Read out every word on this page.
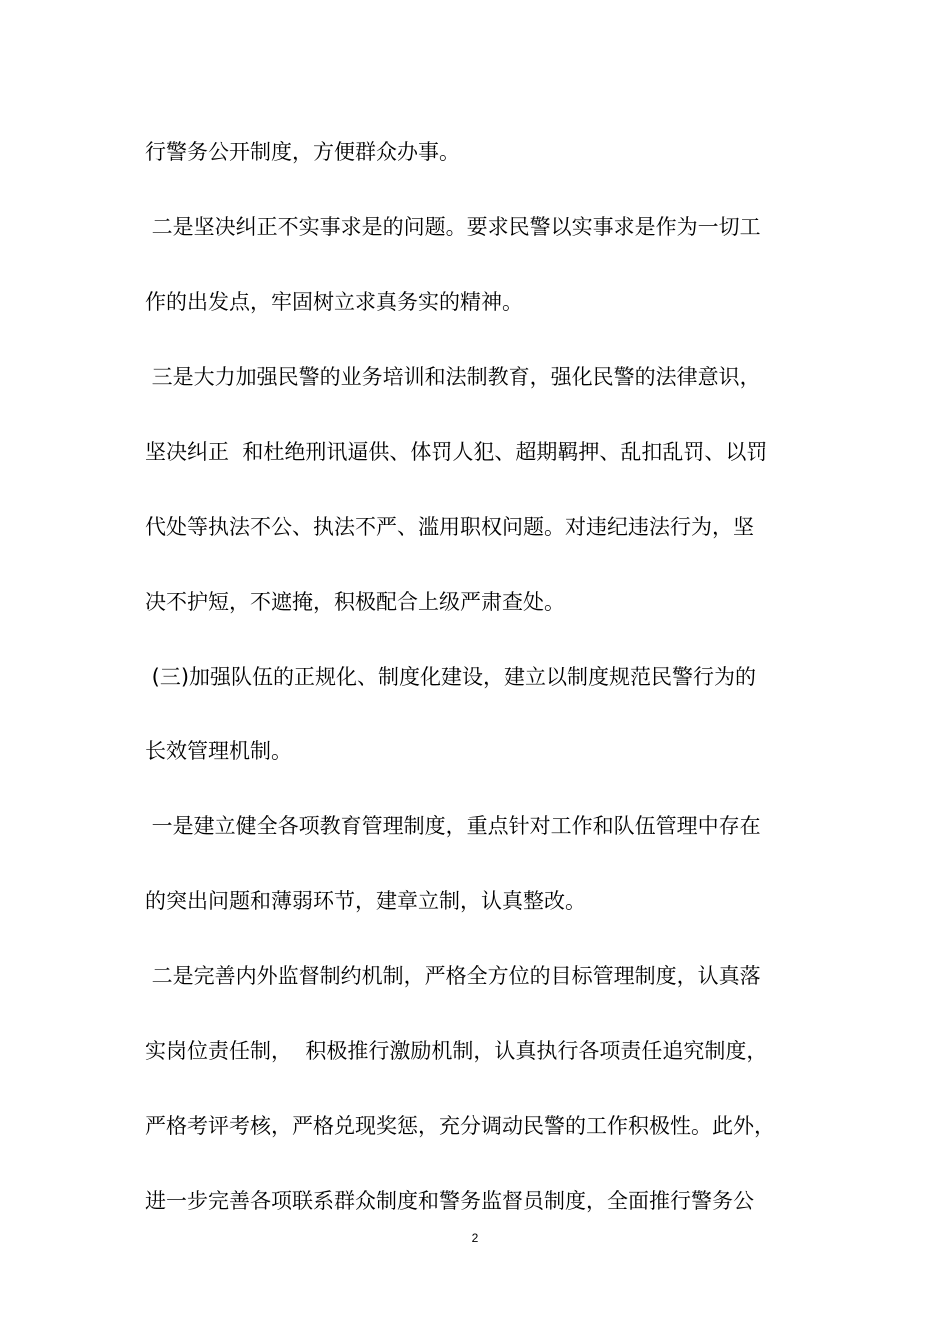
行警务公开制度，方便群众办事。
二是坚决纠正不实事求是的问题。要求民警以实事求是作为一切工
作的出发点，牢固树立求真务实的精神。
三是大力加强民警的业务培训和法制教育，强化民警的法律意识，
坚决纠正  和杜绝刑讯逼供、体罚人犯、超期羁押、乱扣乱罚、以罚
代处等执法不公、执法不严、滥用职权问题。对违纪违法行为，坚
决不护短，不遮掩，积极配合上级严肃查处。
(三)加强队伍的正规化、制度化建设，建立以制度规范民警行为的
长效管理机制。
一是建立健全各项教育管理制度，重点针对工作和队伍管理中存在
的突出问题和薄弱环节，建章立制，认真整改。
二是完善内外监督制约机制，严格全方位的目标管理制度，认真落
实岗位责任制，  积极推行激励机制，认真执行各项责任追究制度，
严格考评考核，严格兑现奖惩，充分调动民警的工作积极性。此外，
进一步完善各项联系群众制度和警务监督员制度，全面推行警务公
2
